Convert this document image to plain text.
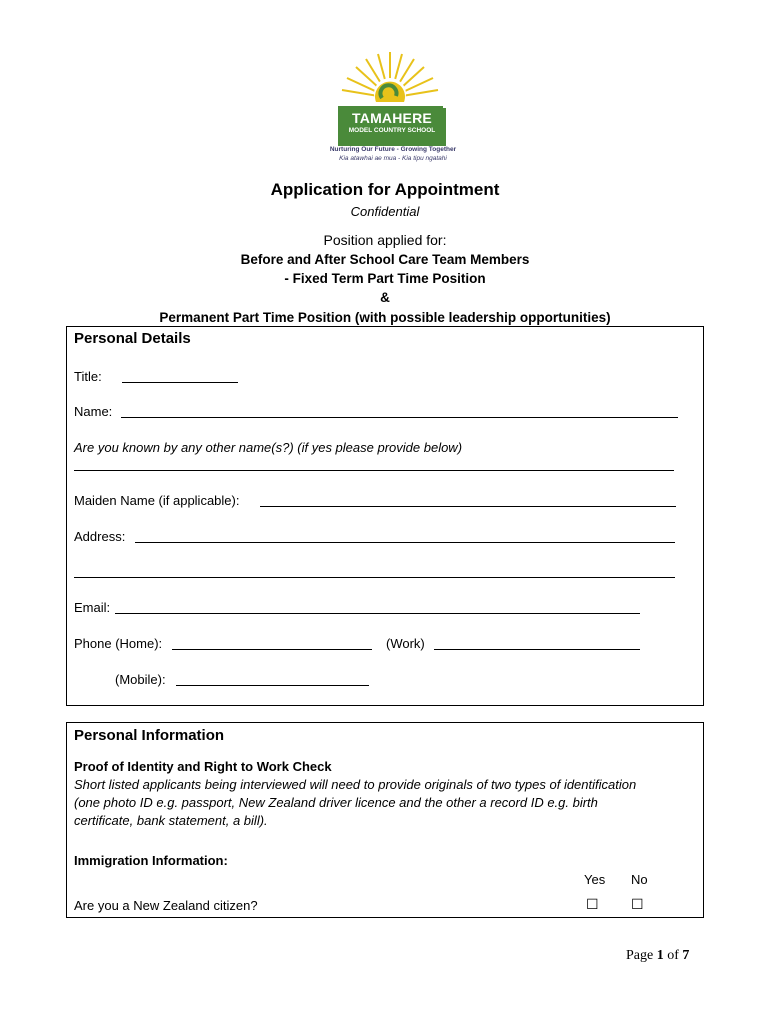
TAMAHERE
MODEL COUNTRY SCHOOL
Nurturing Our Future - Growing Together
Kia atawhai ae mua - Kia tipu ngatahi
Application for Appointment
Confidential
Position applied for:
Before and After School Care Team Members
- Fixed Term Part Time Position
&
Permanent Part Time Position (with possible leadership opportunities)
Personal Details
Title:
Name:
Are you known by any other name(s?) (if yes please provide below)
Maiden Name (if applicable):
Address:
Email:
Phone (Home):	(Work)
(Mobile):
Personal Information
Proof of Identity and Right to Work Check
Short listed applicants being interviewed will need to provide originals of two types of identification
(one photo ID e.g. passport, New Zealand driver licence and the other a record ID e.g. birth
certificate, bank statement, a bill).
Immigration Information:
Yes No
Are you a New Zealand citizen?	☐ ☐
Page 1 of 7
